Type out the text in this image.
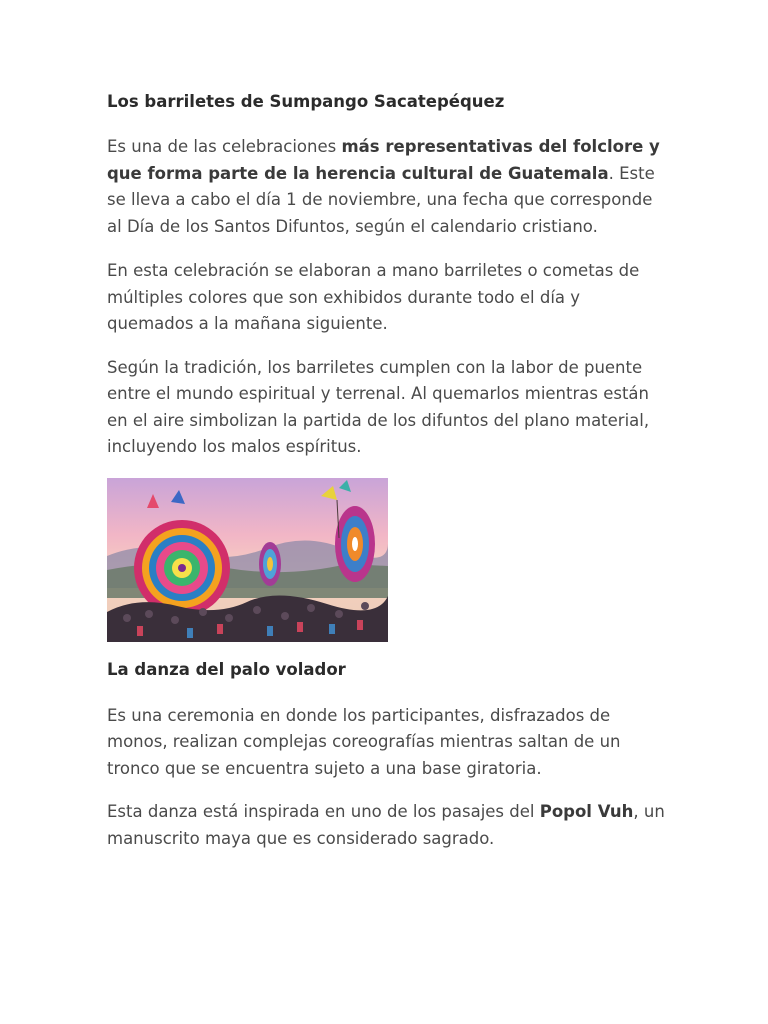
Los barriletes de Sumpango Sacatepéquez

Es una de las celebraciones más representativas del folclore y que forma parte de la herencia cultural de Guatemala. Este se lleva a cabo el día 1 de noviembre, una fecha que corresponde al Día de los Santos Difuntos, según el calendario cristiano.

En esta celebración se elaboran a mano barriletes o cometas de múltiples colores que son exhibidos durante todo el día y quemados a la mañana siguiente.

Según la tradición, los barriletes cumplen con la labor de puente entre el mundo espiritual y terrenal. Al quemarlos mientras están en el aire simbolizan la partida de los difuntos del plano material, incluyendo los malos espíritus.

La danza del palo volador

Es una ceremonia en donde los participantes, disfrazados de monos, realizan complejas coreografías mientras saltan de un tronco que se encuentra sujeto a una base giratoria.

Esta danza está inspirada en uno de los pasajes del Popol Vuh, un manuscrito maya que es considerado sagrado.
